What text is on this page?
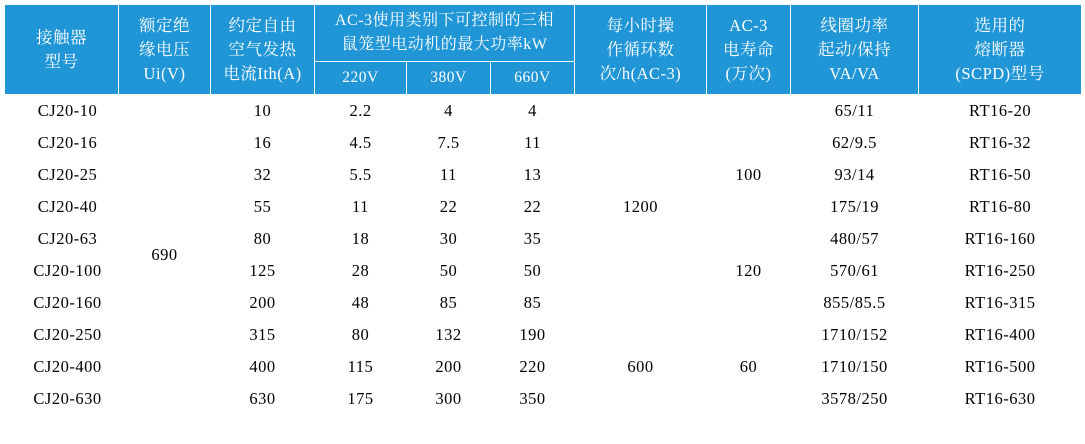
接触器
型号	额定绝
缘电压
Ui(V)	约定自由
空气发热
电流Ith(A)	AC-3使用类别下可控制的三相
鼠笼型电动机的最大功率kW			每小时操
作循环数
次/h(AC-3)	AC-3
电寿命
(万次)	线圈功率
起动/保持
VA/VA	选用的
熔断器
(SCPD)型号

			220V	380V	660V				
CJ20-10	690	10	2.2	4	4	1200		65/11	RT16-20
CJ20-16		16	4.5	7.5	11		100	62/9.5	RT16-32
CJ20-25		32	5.5	11	13			93/14	RT16-50
CJ20-40		55	11	22	22			175/19	RT16-80
CJ20-63		80	18	30	35		120	480/57	RT16-160
CJ20-100		125	28	50	50			570/61	RT16-250
CJ20-160		200	48	85	85			855/85.5	RT16-315
CJ20-250		315	80	132	190	600	60	1710/152	RT16-400
CJ20-400		400	115	200	220			1710/150	RT16-500
CJ20-630		630	175	300	350			3578/250	RT16-630
